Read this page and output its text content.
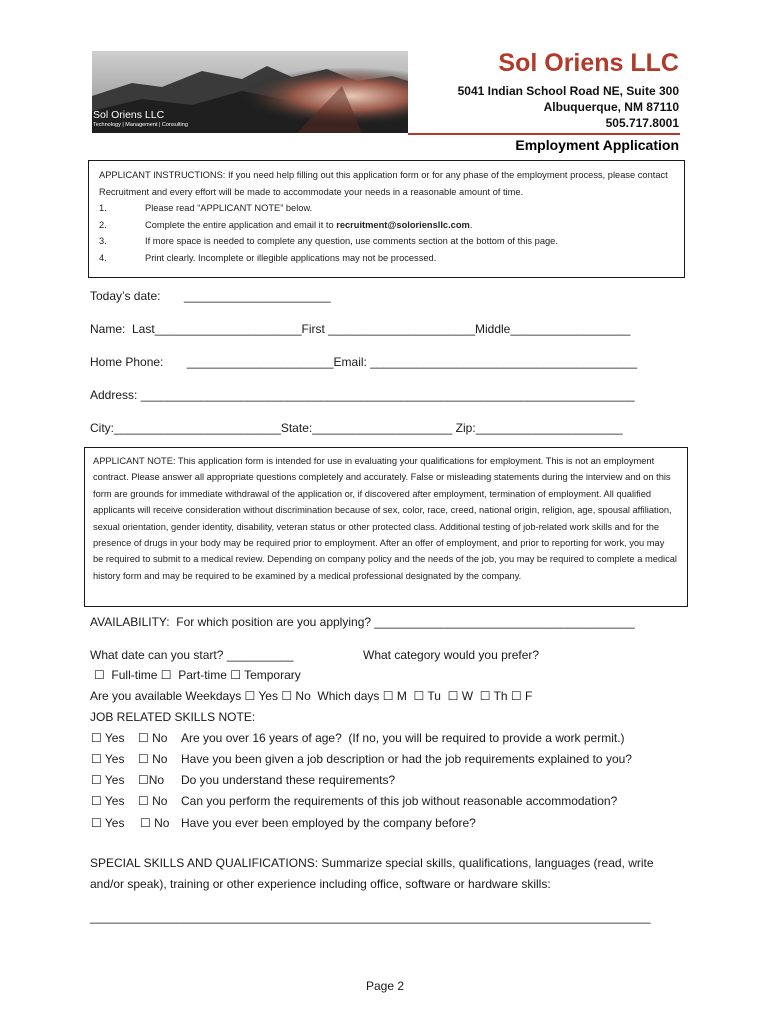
Sol Oriens LLC
Technology | Management | Consulting
Sol Oriens LLC
5041 Indian School Road NE, Suite 300
Albuquerque, NM 87110
505.717.8001
Employment Application
APPLICANT INSTRUCTIONS: If you need help filling out this application form or for any phase of the employment process, please contact Recruitment and every effort will be made to accommodate your needs in a reasonable amount of time.
1.	Please read “APPLICANT NOTE” below.
2.	Complete the entire application and email it to recruitment@soloriensllc.com.
3.	If more space is needed to complete any question, use comments section at the bottom of this page.
4.	Print clearly. Incomplete or illegible applications may not be processed.
Today’s date:       ______________________
Name:  Last______________________First ______________________Middle__________________
Home Phone:       ______________________Email: ________________________________________
Address: __________________________________________________________________________
City:_________________________State:_____________________ Zip:______________________
APPLICANT NOTE: This application form is intended for use in evaluating your qualifications for employment. This is not an employment contract. Please answer all appropriate questions completely and accurately. False or misleading statements during the interview and on this form are grounds for immediate withdrawal of the application or, if discovered after employment, termination of employment. All qualified applicants will receive consideration without discrimination because of sex, color, race, creed, national origin, religion, age, spousal affiliation, sexual orientation, gender identity, disability, veteran status or other protected class. Additional testing of job-related work skills and for the presence of drugs in your body may be required prior to employment. After an offer of employment, and prior to reporting for work, you may be required to submit to a medical review. Depending on company policy and the needs of the job, you may be required to complete a medical history form and may be required to be examined by a medical professional designated by the company.
AVAILABILITY:  For which position are you applying? _______________________________________
What date can you start? __________	What category would you prefer?
☐  Full-time ☐  Part-time ☐ Temporary
Are you available Weekdays ☐ Yes ☐ No  Which days ☐ M  ☐ Tu  ☐ W  ☐ Th ☐ F
JOB RELATED SKILLS NOTE:
☐ Yes ☐ No Are you over 16 years of age?  (If no, you will be required to provide a work permit.)
☐ Yes ☐ No Have you been given a job description or had the job requirements explained to you?
☐ Yes ☐No Do you understand these requirements?
☐ Yes ☐ No Can you perform the requirements of this job without reasonable accommodation?
☐ Yes ☐ No Have you ever been employed by the company before?
SPECIAL SKILLS AND QUALIFICATIONS: Summarize special skills, qualifications, languages (read, write and/or speak), training or other experience including office, software or hardware skills:
____________________________________________________________________________________
Page 2
